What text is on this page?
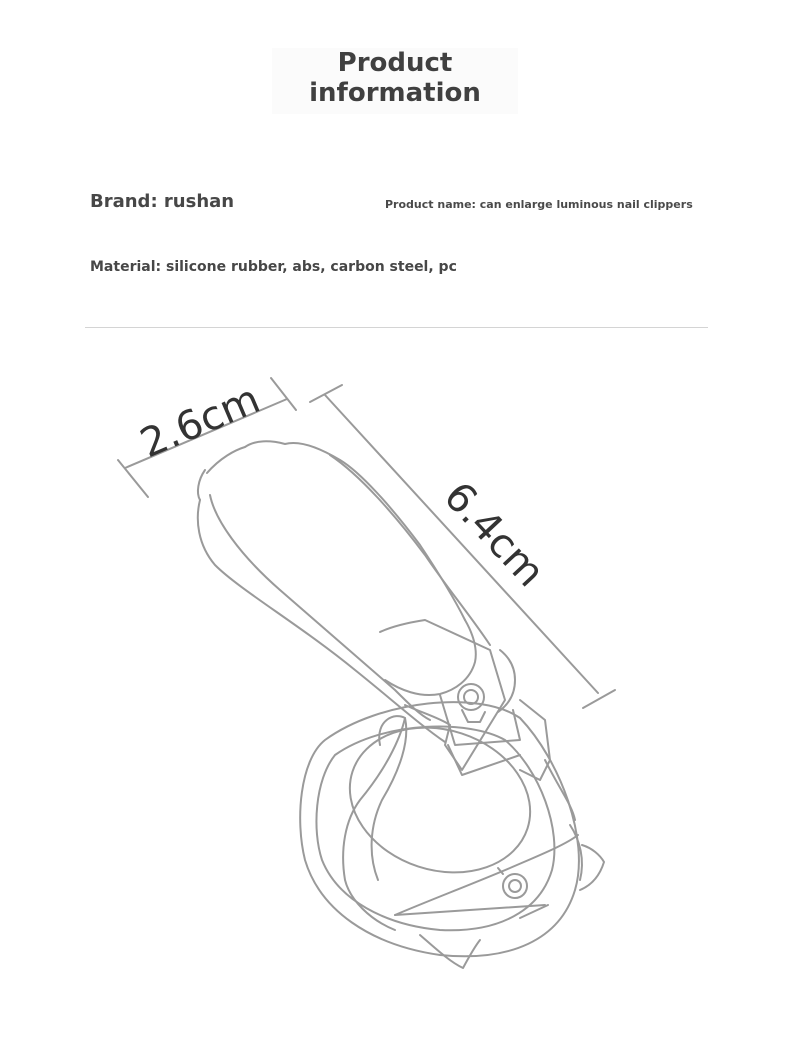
Product
information
Brand: rushan	Product name: can enlarge luminous nail clippers
Material: silicone rubber, abs, carbon steel, pc
2.6cm
6.4cm
